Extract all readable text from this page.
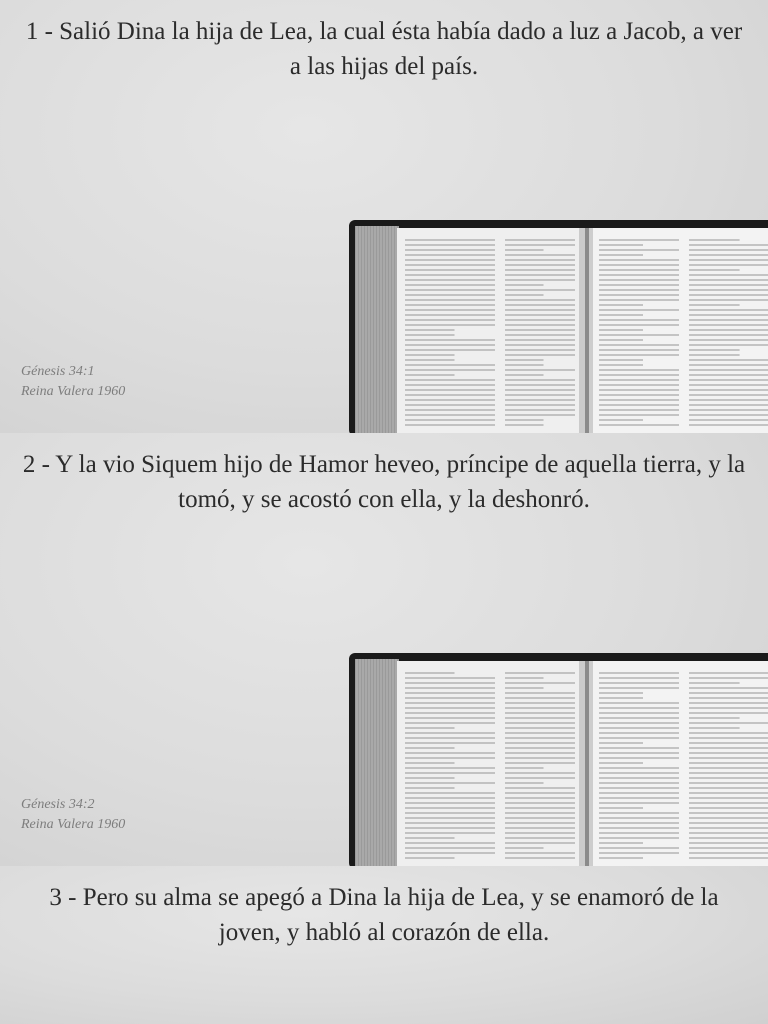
1 - Salió Dina la hija de Lea, la cual ésta había dado a luz a Jacob, a ver a las hijas del país.

Génesis 34:1
Reina Valera 1960

2 - Y la vio Siquem hijo de Hamor heveo, príncipe de aquella tierra, y la tomó, y se acostó con ella, y la deshonró.

Génesis 34:2
Reina Valera 1960

3 - Pero su alma se apegó a Dina la hija de Lea, y se enamoró de la joven, y habló al corazón de ella.
